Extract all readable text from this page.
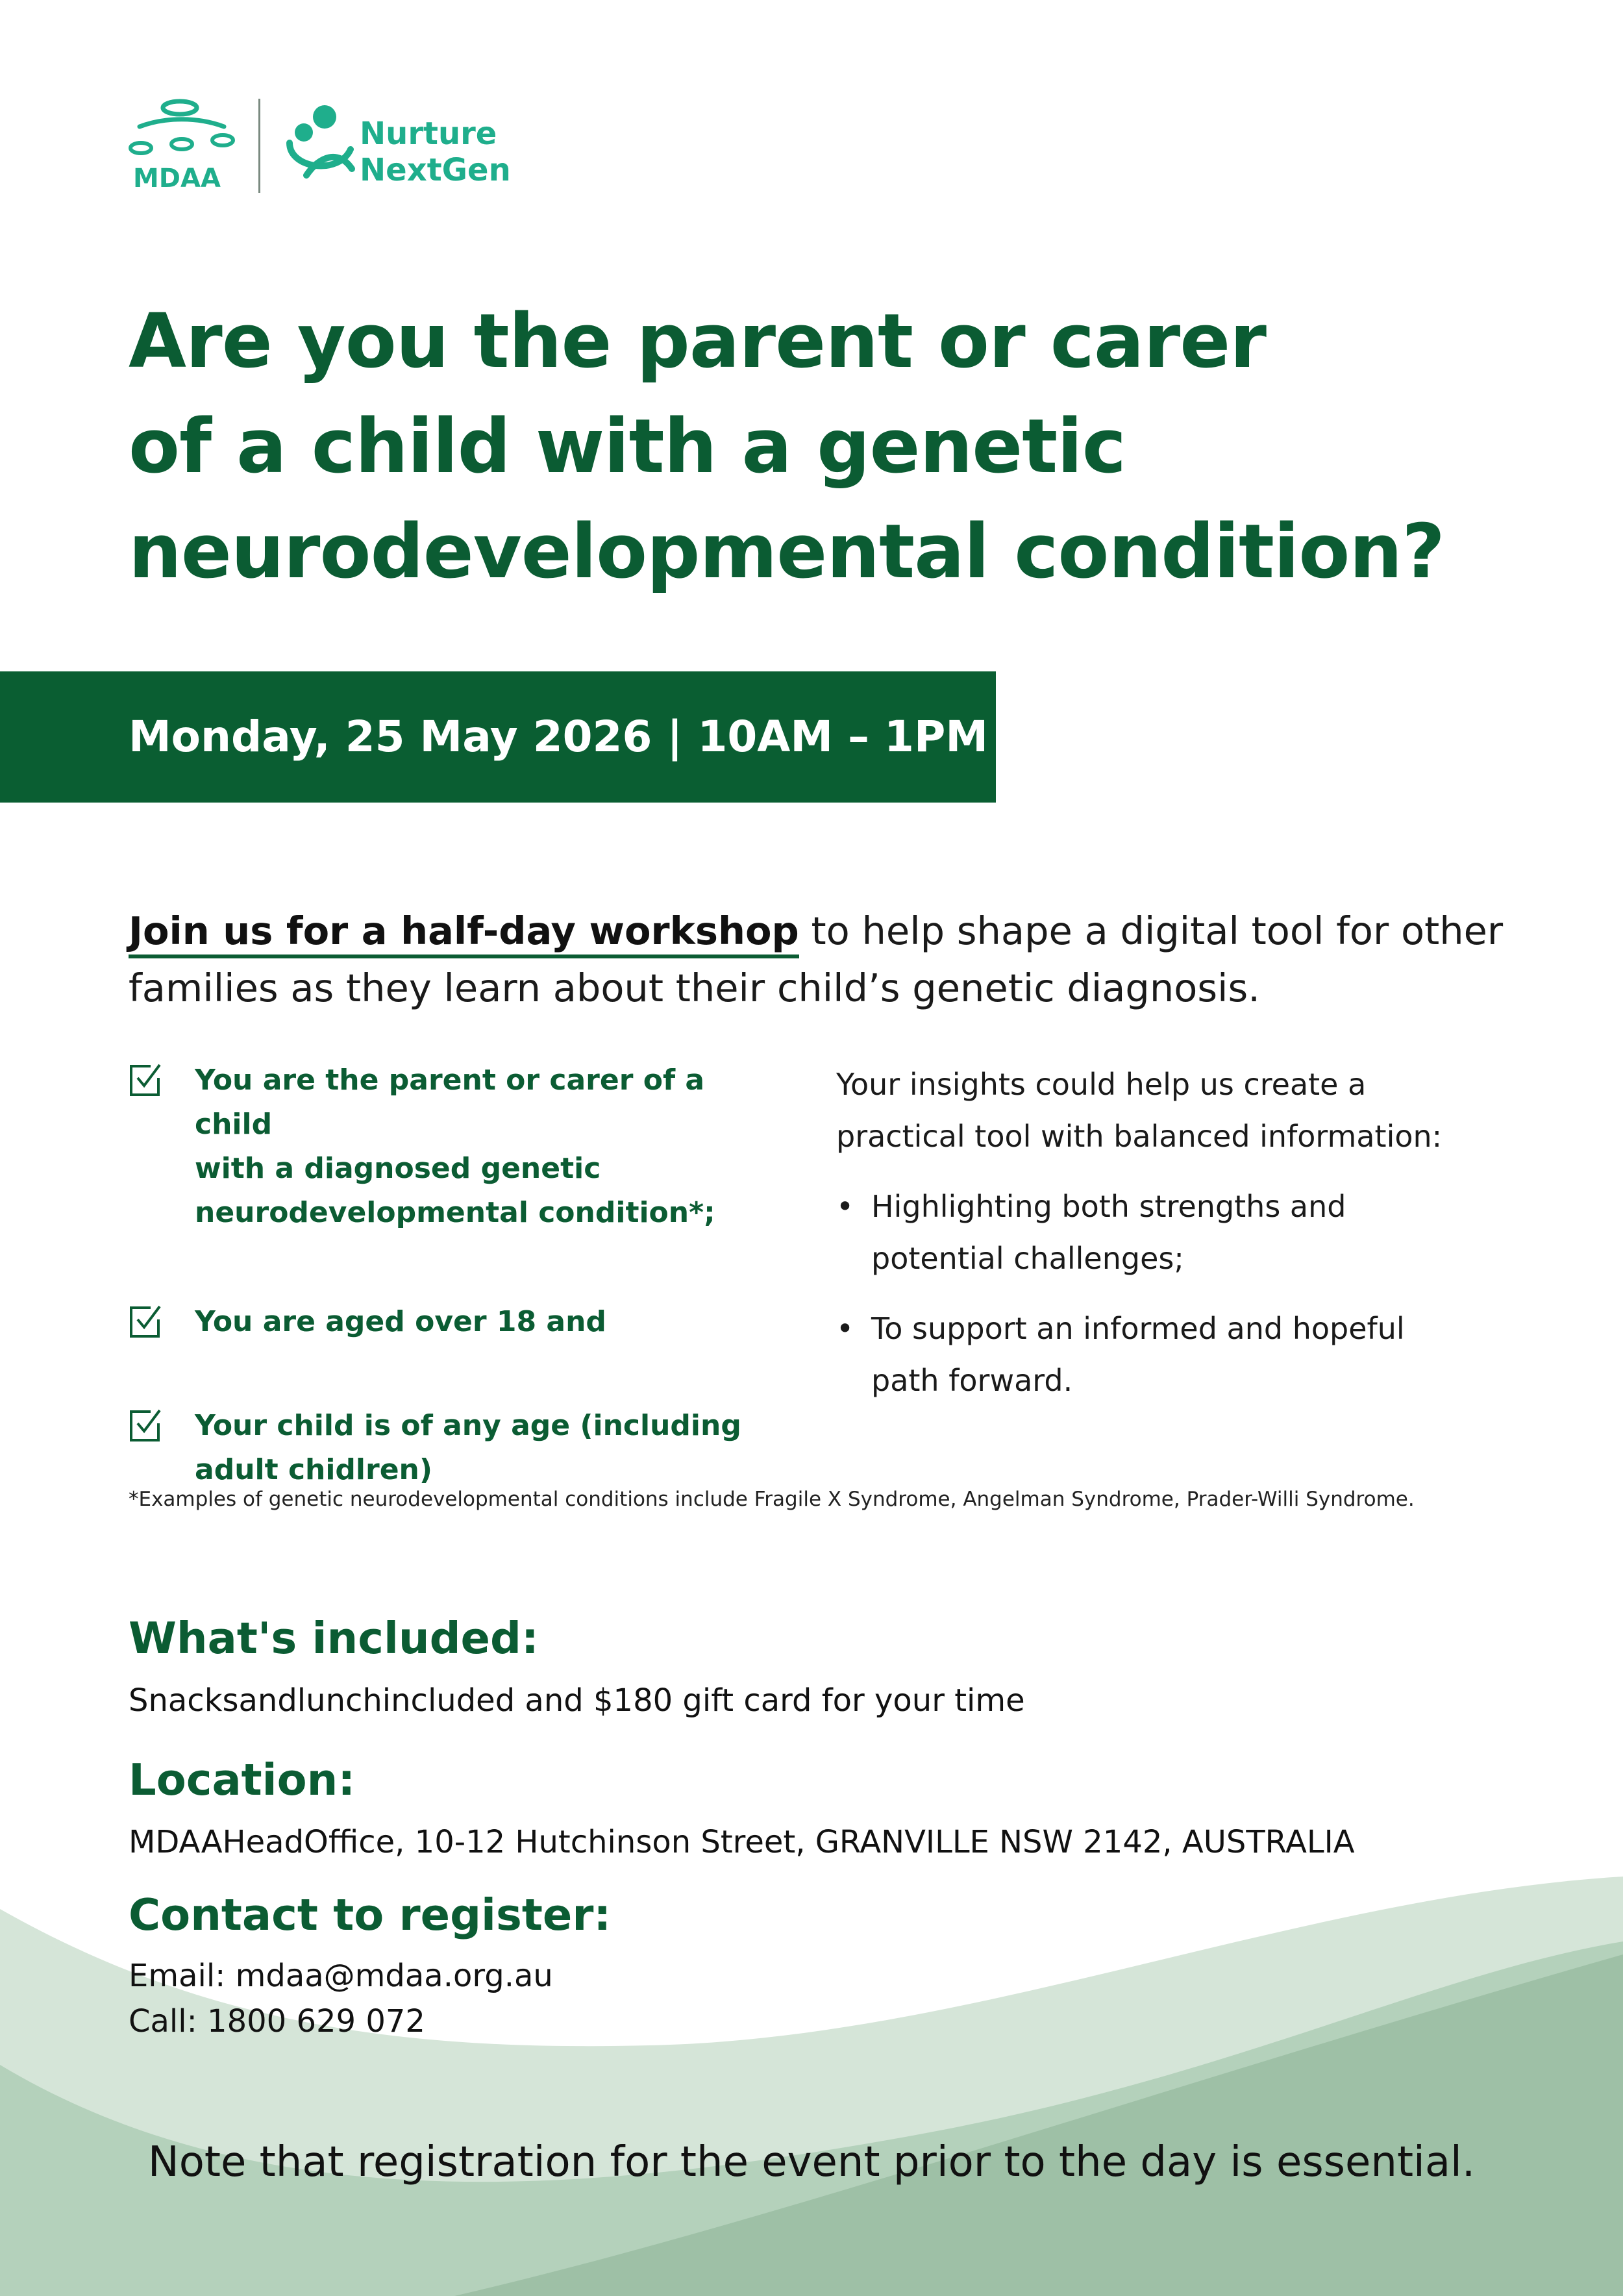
MDAA
Nurture
NextGen
Are you the parent or carer
of a child with a genetic
neurodevelopmental condition?

Monday, 25 May 2026 | 10AM – 1PM

Join us for a half-day workshop to help shape a digital tool for other families as they learn about their child’s genetic diagnosis.

You are the parent or carer of a child
with a diagnosed genetic
neurodevelopmental condition*;
You are aged over 18 and
Your child is of any age (including
adult chidlren)

Your insights could help us create a
practical tool with balanced information:

• Highlighting both strengths and
potential challenges;
• To support an informed and hopeful
path forward.

*Examples of genetic neurodevelopmental conditions include Fragile X Syndrome, Angelman Syndrome, Prader-Willi Syndrome.

What's included:

Snacksandlunchincluded and $180 gift card for your time

Location:

MDAAHeadOffice, 10-12 Hutchinson Street, GRANVILLE NSW 2142, AUSTRALIA

Contact to register:

Email: mdaa@mdaa.org.au

Call: 1800 629 072

Note that registration for the event prior to the day is essential.
